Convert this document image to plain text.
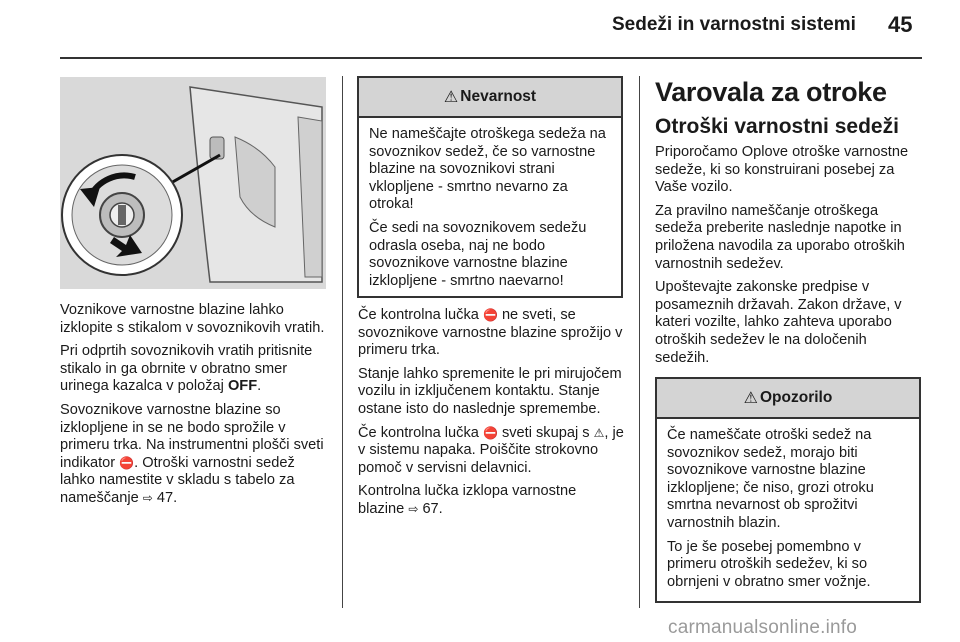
Sedeži in varnostni sistemi 45

Voznikove varnostne blazine lahko izklopite s stikalom v sovoznikovih vratih.

Pri odprtih sovoznikovih vratih pritisnite stikalo in ga obrnite v obratno smer urinega kazalca v položaj OFF.

Sovoznikove varnostne blazine so izklopljene in se ne bodo sprožile v primeru trka. Na instrumentni plošči sveti indikator ⛔. Otroški varnostni sedež lahko namestite v skladu s tabelo za nameščanje ⇨ 47.

⚠ Nevarnost

Ne nameščajte otroškega sedeža na sovoznikov sedež, če so varnostne blazine na sovoznikovi strani vklopljene - smrtno nevarno za otroka!

Če sedi na sovoznikovem sedežu odrasla oseba, naj ne bodo sovoznikove varnostne blazine izklopljene - smrtno naevarno!

Če kontrolna lučka ⛔ ne sveti, se sovoznikove varnostne blazine sprožijo v primeru trka.

Stanje lahko spremenite le pri mirujočem vozilu in izključenem kontaktu. Stanje ostane isto do naslednje spremembe.

Če kontrolna lučka ⛔ sveti skupaj s ⚠, je v sistemu napaka. Poiščite strokovno pomoč v servisni delavnici.

Kontrolna lučka izklopa varnostne blazine ⇨ 67.

Varovala za otroke
Otroški varnostni sedeži

Priporočamo Oplove otroške varnostne sedeže, ki so konstruirani posebej za Vaše vozilo.

Za pravilno nameščanje otroškega sedeža preberite naslednje napotke in priložena navodila za uporabo otroških varnostnih sedežev.

Upoštevajte zakonske predpise v posameznih državah. Zakon države, v kateri vozilte, lahko zahteva uporabo otroških sedežev le na določenih sedežih.

⚠ Opozorilo

Če nameščate otroški sedež na sovoznikov sedež, morajo biti sovoznikove varnostne blazine izklopljene; če niso, grozi otroku smrtna nevarnost ob sprožitvi varnostnih blazin.

To je še posebej pomembno v primeru otroških sedežev, ki so obrnjeni v obratno smer vožnje.

carmanualsonline.info
